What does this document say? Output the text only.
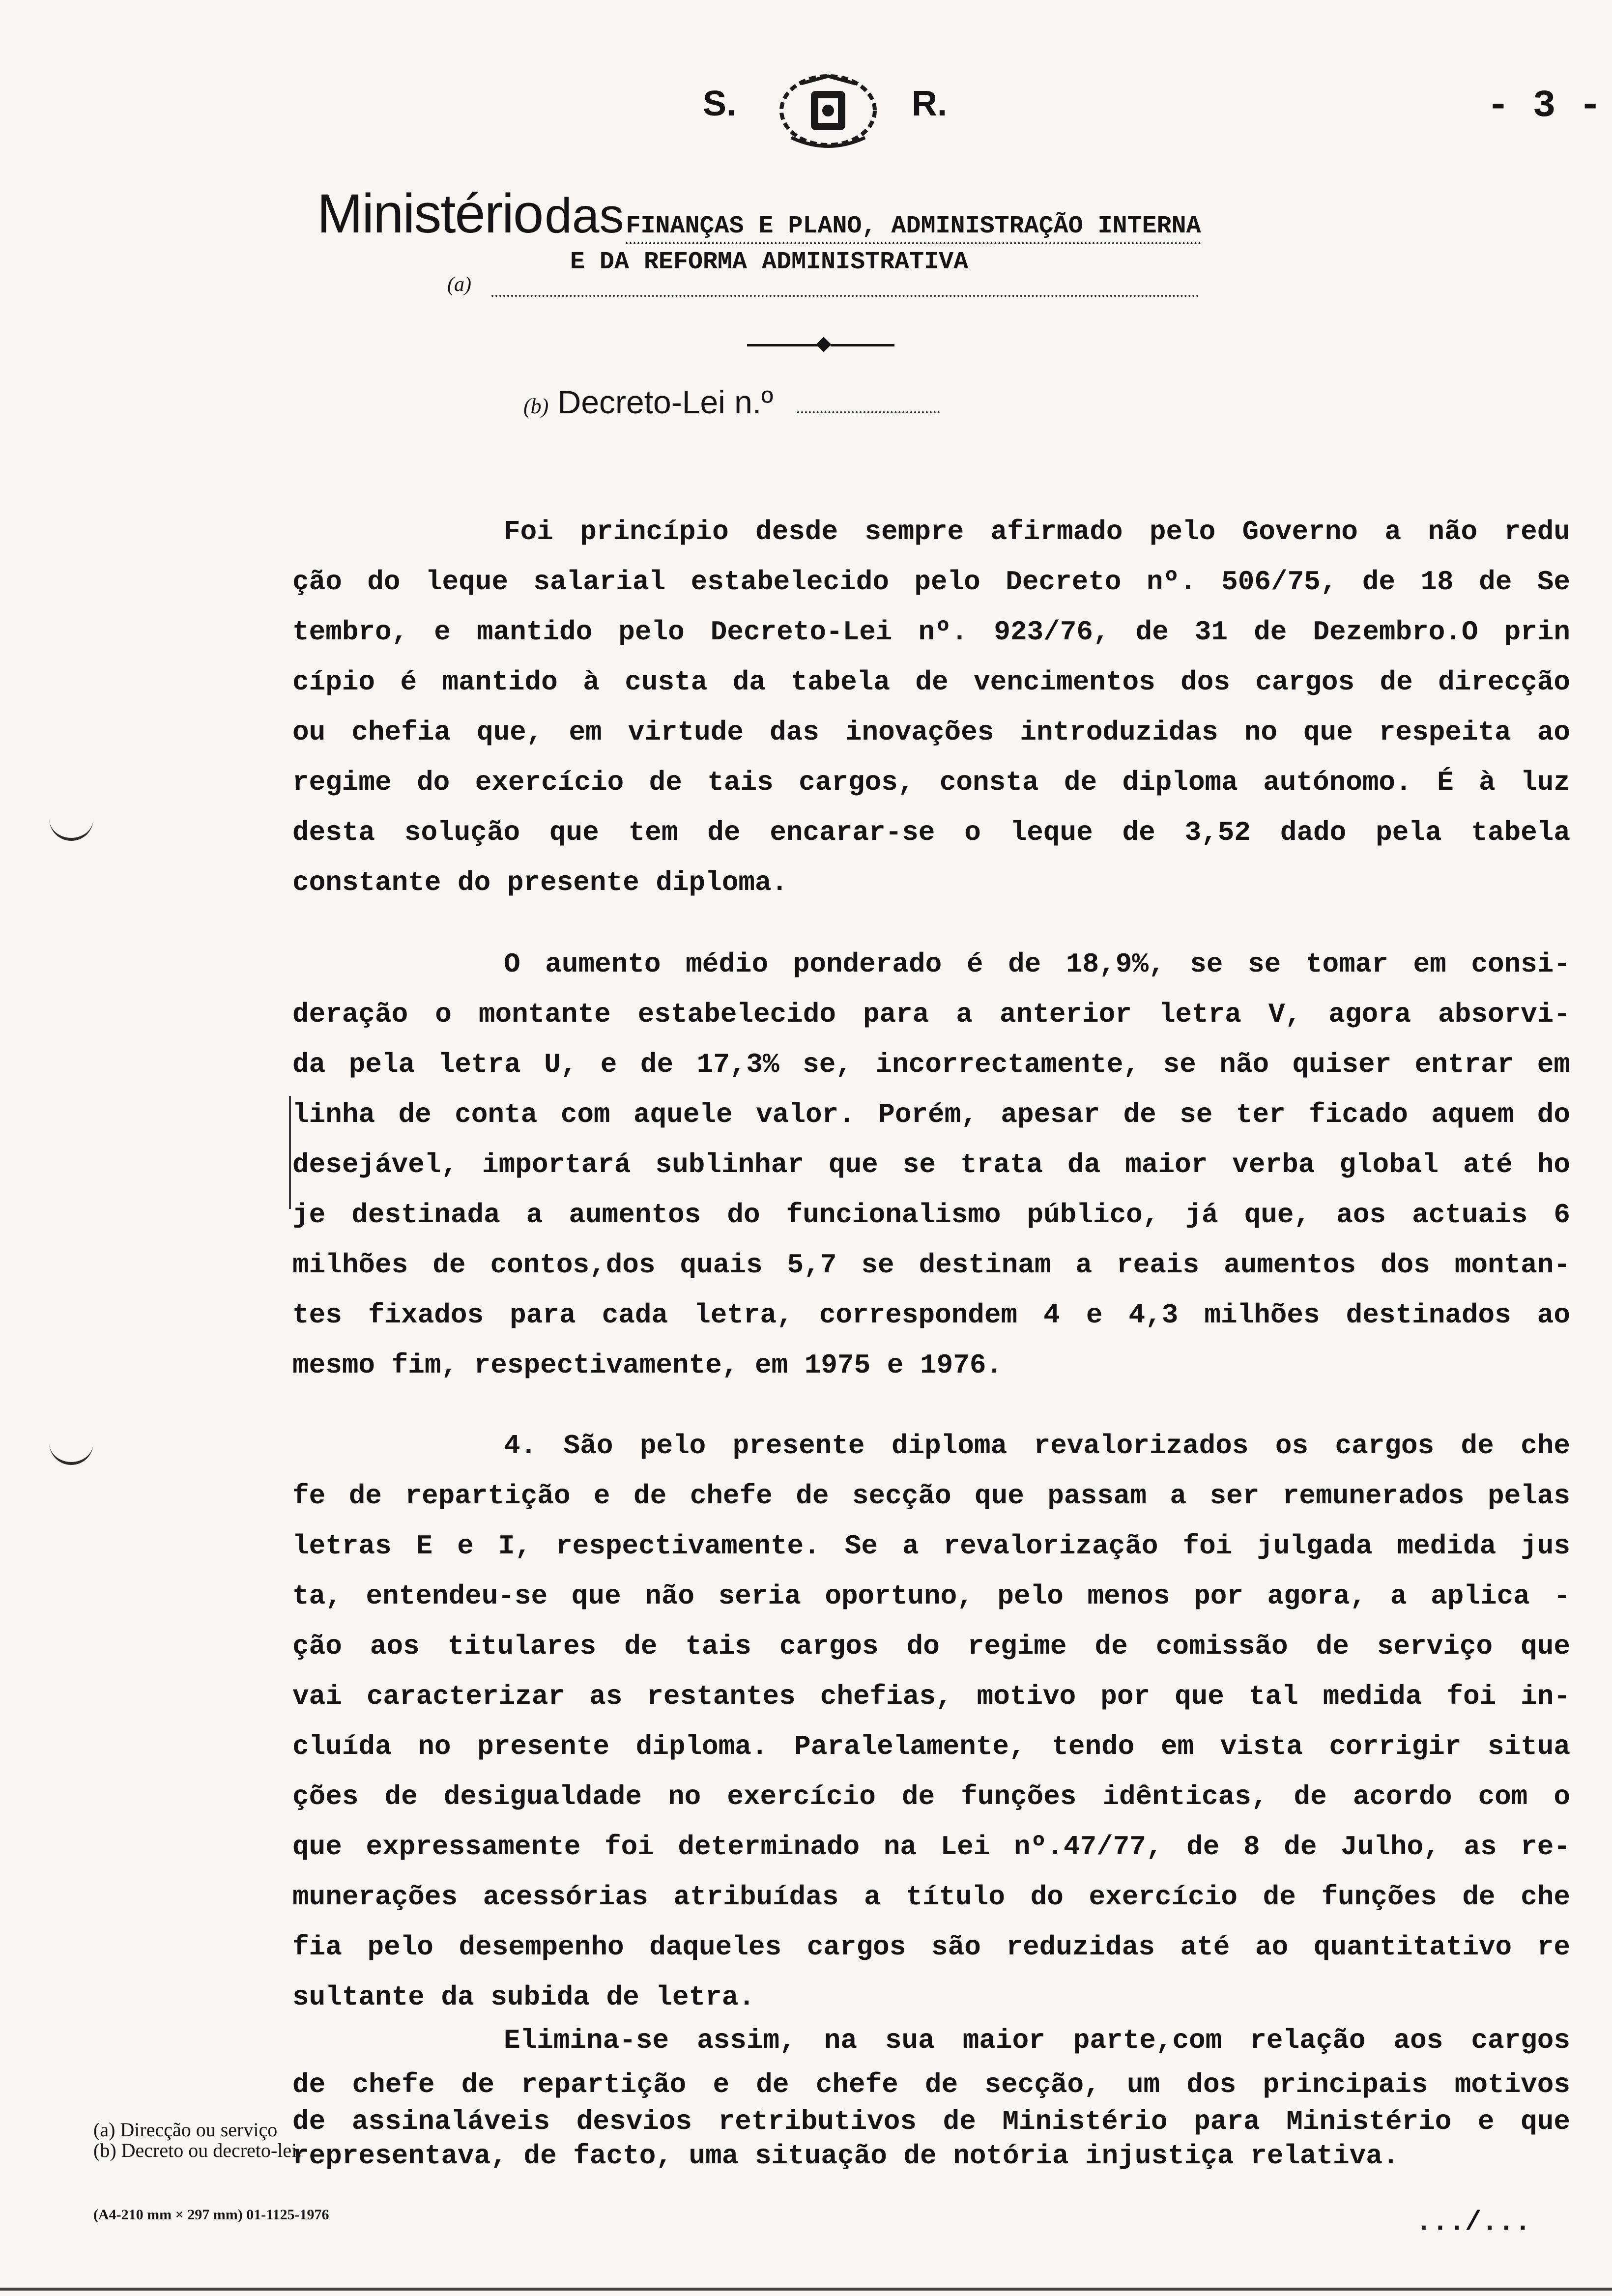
S.	R.	- 3 -
Ministério das FINANÇAS E PLANO, ADMINISTRAÇÃO INTERNA
E DA REFORMA ADMINISTRATIVA
(a)
(b) Decreto-Lei n.º
Foi princípio desde sempre afirmado pelo Governo a não redu
ção do leque salarial estabelecido pelo Decreto nº. 506/75, de 18 de Se
tembro, e mantido pelo Decreto-Lei nº. 923/76, de 31 de Dezembro.O prin
cípio é mantido à custa da tabela de vencimentos dos cargos de direcção
ou chefia que, em virtude das inovações introduzidas no que respeita ao
regime do exercício de tais cargos, consta de diploma autónomo. É à luz
desta solução que tem de encarar-se o leque de 3,52 dado pela tabela
constante do presente diploma.
O aumento médio ponderado é de 18,9%, se se tomar em consi-
deração o montante estabelecido para a anterior letra V, agora absorvi-
da pela letra U, e de 17,3% se, incorrectamente, se não quiser entrar em
linha de conta com aquele valor. Porém, apesar de se ter ficado aquem do
desejável, importará sublinhar que se trata da maior verba global até ho
je destinada a aumentos do funcionalismo público, já que, aos actuais 6
milhões de contos,dos quais 5,7 se destinam a reais aumentos dos montan-
tes fixados para cada letra, correspondem 4 e 4,3 milhões destinados ao
mesmo fim, respectivamente, em 1975 e 1976.
4. São pelo presente diploma revalorizados os cargos de che
fe de repartição e de chefe de secção que passam a ser remunerados pelas
letras E e I, respectivamente. Se a revalorização foi julgada medida jus
ta, entendeu-se que não seria oportuno, pelo menos por agora, a aplica -
ção aos titulares de tais cargos do regime de comissão de serviço que
vai caracterizar as restantes chefias, motivo por que tal medida foi in-
cluída no presente diploma. Paralelamente, tendo em vista corrigir situa
ções de desigualdade no exercício de funções idênticas, de acordo com o
que expressamente foi determinado na Lei nº.47/77, de 8 de Julho, as re-
munerações acessórias atribuídas a título do exercício de funções de che
fia pelo desempenho daqueles cargos são reduzidas até ao quantitativo re
sultante da subida de letra.
Elimina-se assim, na sua maior parte,com relação aos cargos
de chefe de repartição e de chefe de secção, um dos principais motivos
de assinaláveis desvios retributivos de Ministério para Ministério e que
representava, de facto, uma situação de notória injustiça relativa.
(a) Direcção ou serviço
(b) Decreto ou decreto-lei.
(A4-210 mm × 297 mm) 01-1125-1976	.../...
